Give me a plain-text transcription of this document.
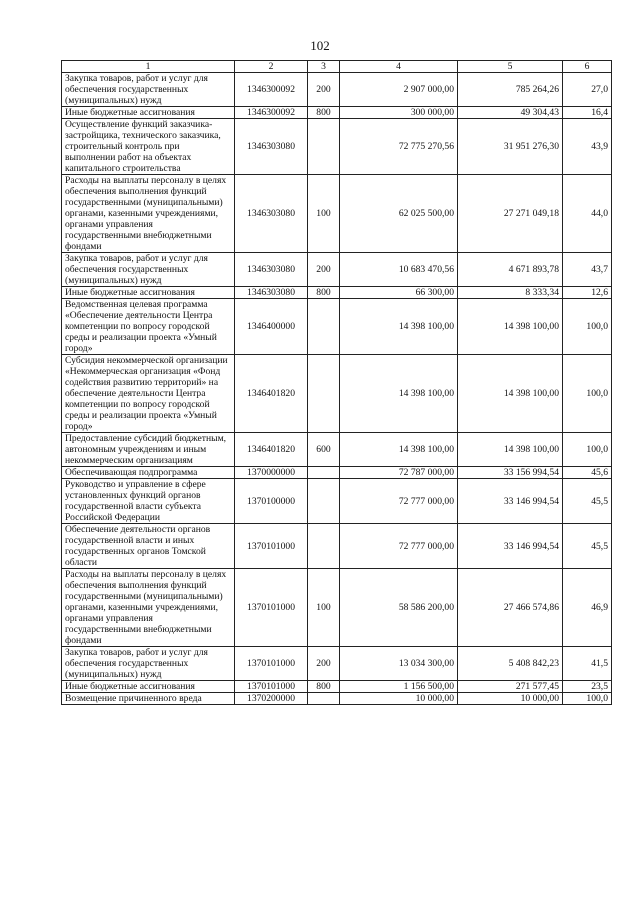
102
1	2	3	4	5	6
Закупка товаров, работ и услуг для обеспечения государственных (муниципальных) нужд	1346300092	200	2 907 000,00	785 264,26	27,0
Иные бюджетные ассигнования	1346300092	800	300 000,00	49 304,43	16,4
Осуществление функций заказчика-застройщика, технического заказчика, строительный контроль при выполнении работ на объектах капитального строительства	1346303080		72 775 270,56	31 951 276,30	43,9
Расходы на выплаты персоналу в целях обеспечения выполнения функций государственными (муниципальными) органами, казенными учреждениями, органами управления государственными внебюджетными фондами	1346303080	100	62 025 500,00	27 271 049,18	44,0
Закупка товаров, работ и услуг для обеспечения государственных (муниципальных) нужд	1346303080	200	10 683 470,56	4 671 893,78	43,7
Иные бюджетные ассигнования	1346303080	800	66 300,00	8 333,34	12,6
Ведомственная целевая программа «Обеспечение деятельности Центра компетенции по вопросу городской среды и реализации проекта «Умный город»	1346400000		14 398 100,00	14 398 100,00	100,0
Субсидия некоммерческой организации «Некоммерческая организация «Фонд содействия развитию территорий» на обеспечение деятельности Центра компетенции по вопросу городской среды и реализации проекта «Умный город»	1346401820		14 398 100,00	14 398 100,00	100,0
Предоставление субсидий бюджетным, автономным учреждениям и иным некоммерческим организациям	1346401820	600	14 398 100,00	14 398 100,00	100,0
Обеспечивающая подпрограмма	1370000000		72 787 000,00	33 156 994,54	45,6
Руководство и управление в сфере установленных функций органов государственной власти субъекта Российской Федерации	1370100000		72 777 000,00	33 146 994,54	45,5
Обеспечение деятельности органов государственной власти и иных государственных органов Томской области	1370101000		72 777 000,00	33 146 994,54	45,5
Расходы на выплаты персоналу в целях обеспечения выполнения функций государственными (муниципальными) органами, казенными учреждениями, органами управления государственными внебюджетными фондами	1370101000	100	58 586 200,00	27 466 574,86	46,9
Закупка товаров, работ и услуг для обеспечения государственных (муниципальных) нужд	1370101000	200	13 034 300,00	5 408 842,23	41,5
Иные бюджетные ассигнования	1370101000	800	1 156 500,00	271 577,45	23,5
Возмещение причиненного вреда	1370200000		10 000,00	10 000,00	100,0
